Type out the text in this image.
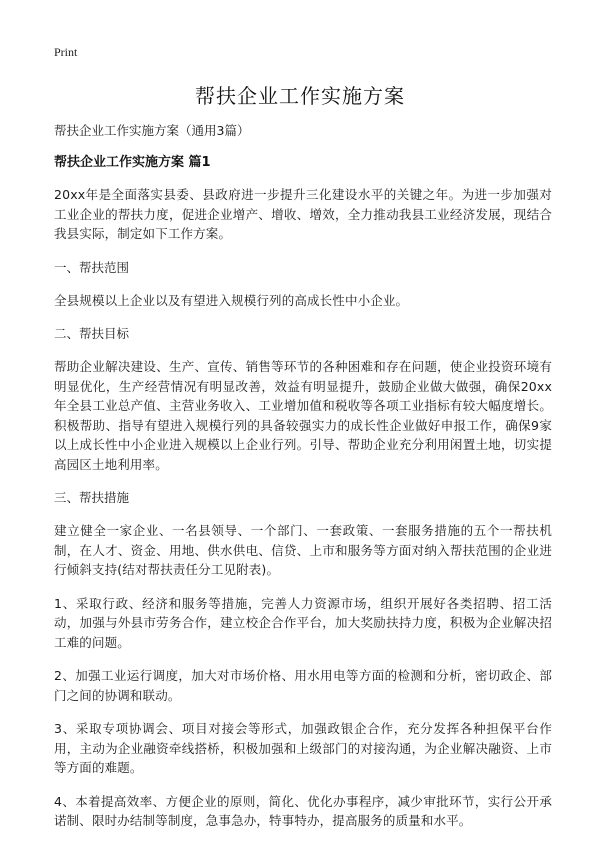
Print
帮扶企业工作实施方案
帮扶企业工作实施方案（通用3篇）
帮扶企业工作实施方案 篇1

20xx年是全面落实县委、县政府进一步提升三化建设水平的关键之年。为进一步加强对工业企业的帮扶力度，促进企业增产、增收、增效，全力推动我县工业经济发展，现结合我县实际，制定如下工作方案。

一、帮扶范围

全县规模以上企业以及有望进入规模行列的高成长性中小企业。

二、帮扶目标

帮助企业解决建设、生产、宣传、销售等环节的各种困难和存在问题，使企业投资环境有明显优化，生产经营情况有明显改善，效益有明显提升，鼓励企业做大做强，确保20xx年全县工业总产值、主营业务收入、工业增加值和税收等各项工业指标有较大幅度增长。积极帮助、指导有望进入规模行列的具备较强实力的成长性企业做好申报工作，确保9家以上成长性中小企业进入规模以上企业行列。引导、帮助企业充分利用闲置土地，切实提高园区土地利用率。

三、帮扶措施

建立健全一家企业、一名县领导、一个部门、一套政策、一套服务措施的五个一帮扶机制，在人才、资金、用地、供水供电、信贷、上市和服务等方面对纳入帮扶范围的企业进行倾斜支持(结对帮扶责任分工见附表)。

1、采取行政、经济和服务等措施，完善人力资源市场，组织开展好各类招聘、招工活动，加强与外县市劳务合作，建立校企合作平台，加大奖励扶持力度，积极为企业解决招工难的问题。

2、加强工业运行调度，加大对市场价格、用水用电等方面的检测和分析，密切政企、部门之间的协调和联动。

3、采取专项协调会、项目对接会等形式，加强政银企合作，充分发挥各种担保平台作用，主动为企业融资牵线搭桥，积极加强和上级部门的对接沟通，为企业解决融资、上市等方面的难题。

4、本着提高效率、方便企业的原则，简化、优化办事程序，减少审批环节，实行公开承诺制、限时办结制等制度，急事急办，特事特办，提高服务的质量和水平。
